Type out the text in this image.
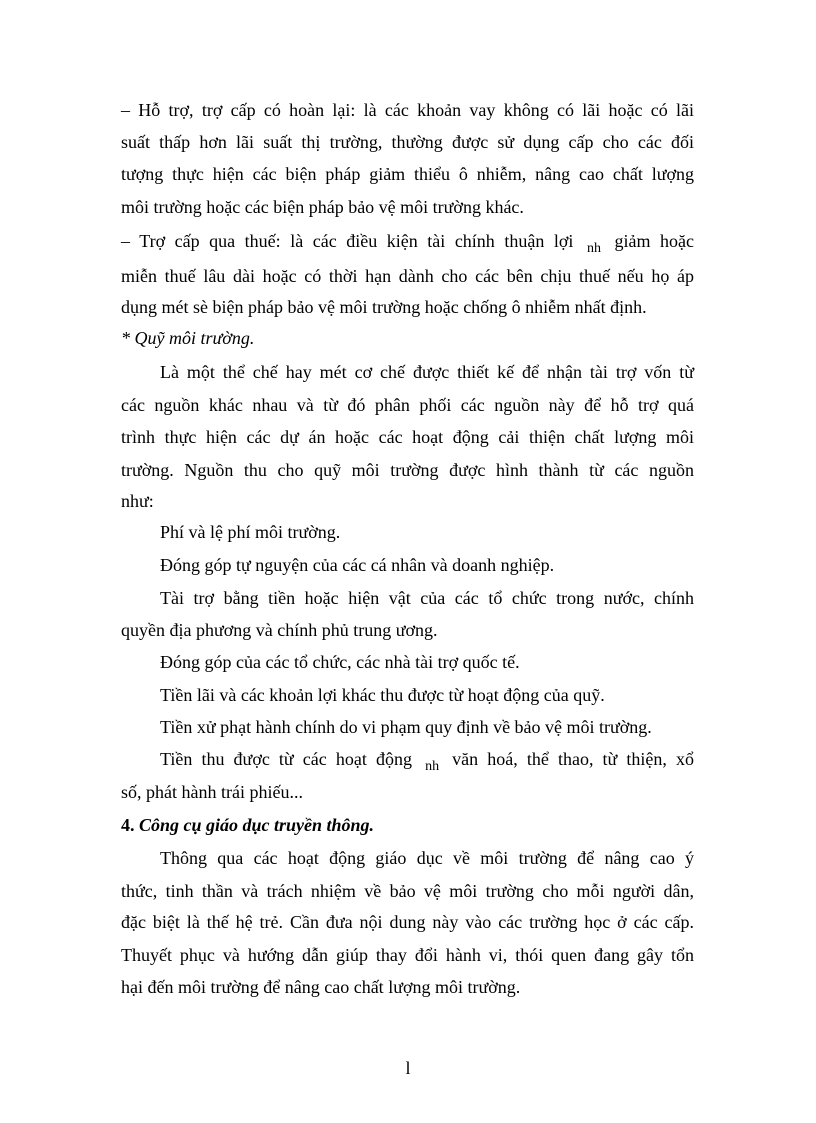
– Hỗ trợ, trợ cấp có hoàn lại: là các khoản vay không có lãi hoặc có lãi
suất thấp hơn lãi suất thị trường, thường được sử dụng cấp cho các đối
tượng thực hiện các biện pháp giảm thiểu ô nhiễm, nâng cao chất lượng
môi trường hoặc các biện pháp bảo vệ môi trường khác.
– Trợ cấp qua thuế: là các điều kiện tài chính thuận lợi $_{nh}$ giảm hoặc
miễn thuế lâu dài hoặc có thời hạn dành cho các bên chịu thuế nếu họ áp
dụng mét sè biện pháp bảo vệ môi trường hoặc chống ô nhiễm nhất định.
* Quỹ môi trường.
Là một thể chế hay mét cơ chế được thiết kế để nhận tài trợ vốn từ
các nguồn khác nhau và từ đó phân phối các nguồn này để hỗ trợ quá
trình thực hiện các dự án hoặc các hoạt động cải thiện chất lượng môi
trường. Nguồn thu cho quỹ môi trường được hình thành từ các nguồn
như:
Phí và lệ phí môi trường.
Đóng góp tự nguyện của các cá nhân và doanh nghiệp.
Tài trợ bằng tiền hoặc hiện vật của các tổ chức trong nước, chính
quyền địa phương và chính phủ trung ương.
Đóng góp của các tổ chức, các nhà tài trợ quốc tế.
Tiền lãi và các khoản lợi khác thu được từ hoạt động của quỹ.
Tiền xử phạt hành chính do vi phạm quy định về bảo vệ môi trường.
Tiền thu được từ các hoạt động $_{nh}$ văn hoá, thể thao, từ thiện, xổ
số, phát hành trái phiếu...
4. Công cụ giáo dục truyền thông.
Thông qua các hoạt động giáo dục về môi trường để nâng cao ý
thức, tinh thần và trách nhiệm về bảo vệ môi trường cho mỗi người dân,
đặc biệt là thế hệ trẻ. Cần đưa nội dung này vào các trường học ở các cấp.
Thuyết phục và hướng dẫn giúp thay đổi hành vi, thói quen đang gây tổn
hại đến môi trường để nâng cao chất lượng môi trường.
l
